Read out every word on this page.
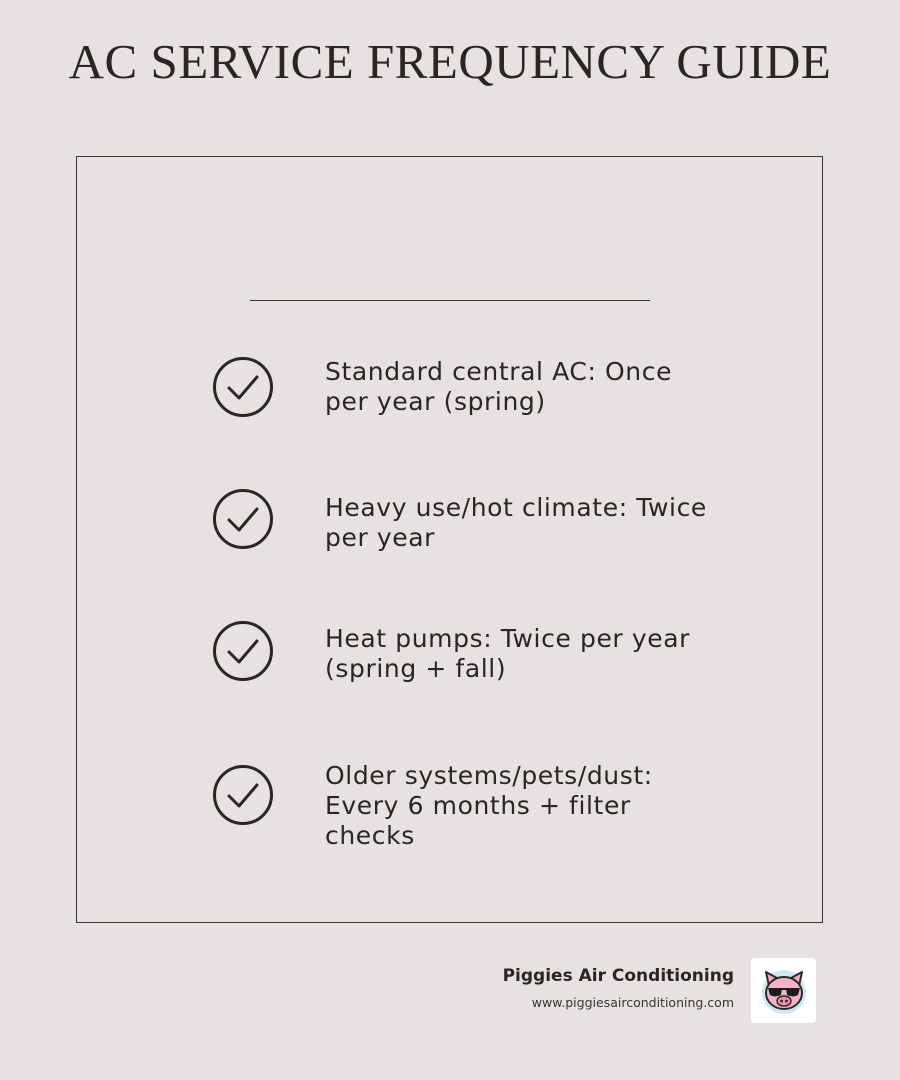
AC SERVICE FREQUENCY GUIDE
Standard central AC: Once
per year (spring)
Heavy use/hot climate: Twice
per year
Heat pumps: Twice per year
(spring + fall)
Older systems/pets/dust:
Every 6 months + filter
checks
Piggies Air Conditioning
www.piggiesairconditioning.com
